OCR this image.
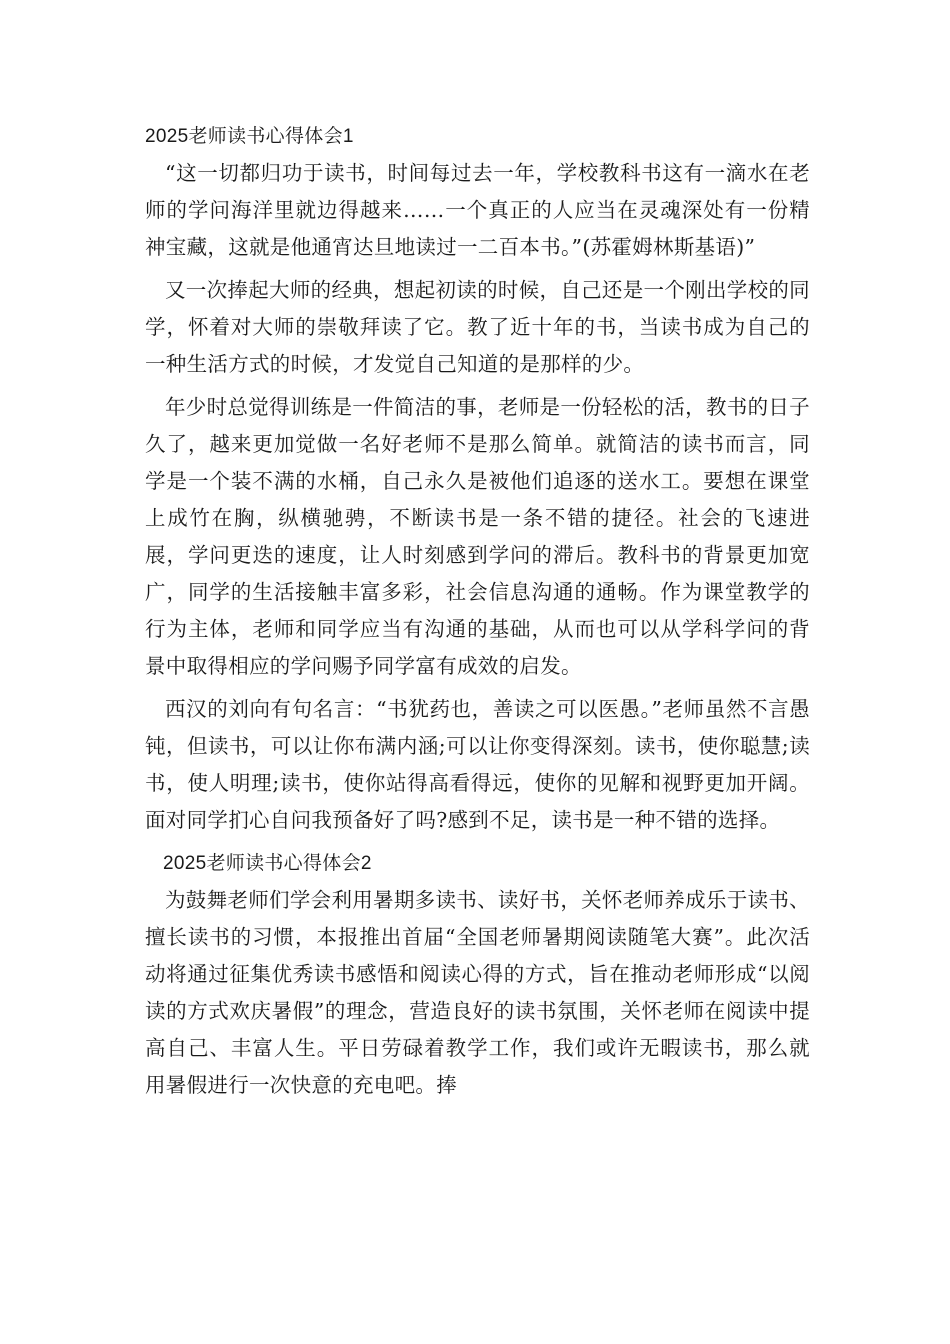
2025老师读书心得体会1

“这一切都归功于读书，时间每过去一年，学校教科书这有一滴水在老师的学问海洋里就边得越来……一个真正的人应当在灵魂深处有一份精神宝藏，这就是他通宵达旦地读过一二百本书。”(苏霍姆林斯基语)”

又一次捧起大师的经典，想起初读的时候，自己还是一个刚出学校的同学，怀着对大师的崇敬拜读了它。教了近十年的书，当读书成为自己的一种生活方式的时候，才发觉自己知道的是那样的少。

年少时总觉得训练是一件简洁的事，老师是一份轻松的活，教书的日子久了，越来更加觉做一名好老师不是那么简单。就简洁的读书而言，同学是一个装不满的水桶，自己永久是被他们追逐的送水工。要想在课堂上成竹在胸，纵横驰骋，不断读书是一条不错的捷径。社会的飞速进展，学问更迭的速度，让人时刻感到学问的滞后。教科书的背景更加宽广，同学的生活接触丰富多彩，社会信息沟通的通畅。作为课堂教学的行为主体，老师和同学应当有沟通的基础，从而也可以从学科学问的背景中取得相应的学问赐予同学富有成效的启发。

西汉的刘向有句名言：“书犹药也，善读之可以医愚。”老师虽然不言愚钝，但读书，可以让你布满内涵;可以让你变得深刻。读书，使你聪慧;读书，使人明理;读书，使你站得高看得远，使你的见解和视野更加开阔。面对同学扪心自问我预备好了吗?感到不足，读书是一种不错的选择。

2025老师读书心得体会2

为鼓舞老师们学会利用暑期多读书、读好书，关怀老师养成乐于读书、擅长读书的习惯，本报推出首届“全国老师暑期阅读随笔大赛”。此次活动将通过征集优秀读书感悟和阅读心得的方式，旨在推动老师形成“以阅读的方式欢庆暑假”的理念，营造良好的读书氛围，关怀老师在阅读中提高自己、丰富人生。平日劳碌着教学工作，我们或许无暇读书，那么就用暑假进行一次快意的充电吧。捧
